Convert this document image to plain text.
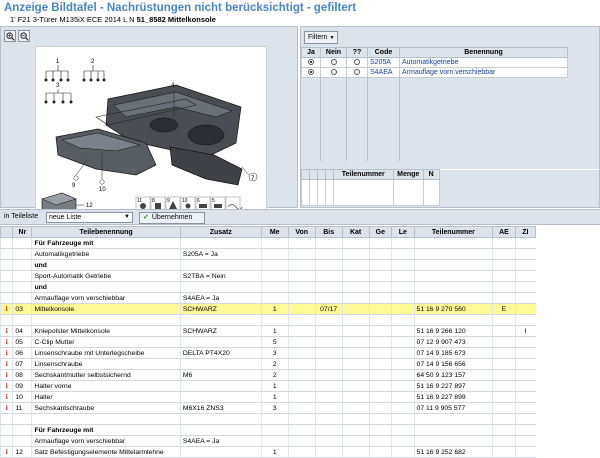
Anzeige Bildtafel - Nachrüstungen nicht berücksichtigt - gefiltert
1' F21 3-Türer M135iX ECE 2014 L N 51_8582 Mittelkonsole
1	2
3
10
9
4
7
12
11 8 9 10 6 5
Filtern ▼
Ja	Nein	??	Code	Benennung
			S205A	Automatikgetriebe
			S4AEA	Armauflage vorn verschiebbar
				Teilenummer	Menge	N	

in Teileliste	neue Liste	▼	✓ Übernehmen
	Nr	Teilebenennung	Zusatz	Me	Von	Bis	Kat	Ge	Le	Teilenummer	AE	ZI
		Für Fahrzeuge mit										
		Automatikgetriebe	S205A = Ja									
		und										
		Sport-Automatik Getriebe	S2TBA = Nein									
		und										
		Armauflage vorn verschiebbar	S4AEA = Ja									
i	03	Mittelkonsole	SCHWARZ	1		07/17				51 16 9 270 560	E	

i	04	Kniepolster Mittelkonsole	SCHWARZ	1						51 16 9 266 120		I
i	05	C-Clip Mutter		5						07 12 9 907 473		
i	06	Linsenschraube mit Unterlegscheibe	DELTA PT4X20	3						07 14 9 185 673		
i	07	Linsenschraube		2						07 14 9 156 656		
i	08	Sechskantmutter selbstsichernd	M6	2						64 50 9 123 157		
i	09	Halter vorne		1						51 16 9 227 897		
i	10	Halter		1						51 16 9 227 899		
i	11	Sechskantschraube	M6X16 ZNS3	3						07 11 9 905 577		

		Für Fahrzeuge mit										
		Armauflage vorn verschiebbar	S4AEA = Ja									
i	12	Satz Befestigungselemente Mittelarmlehne		1						51 16 9 252 682		
